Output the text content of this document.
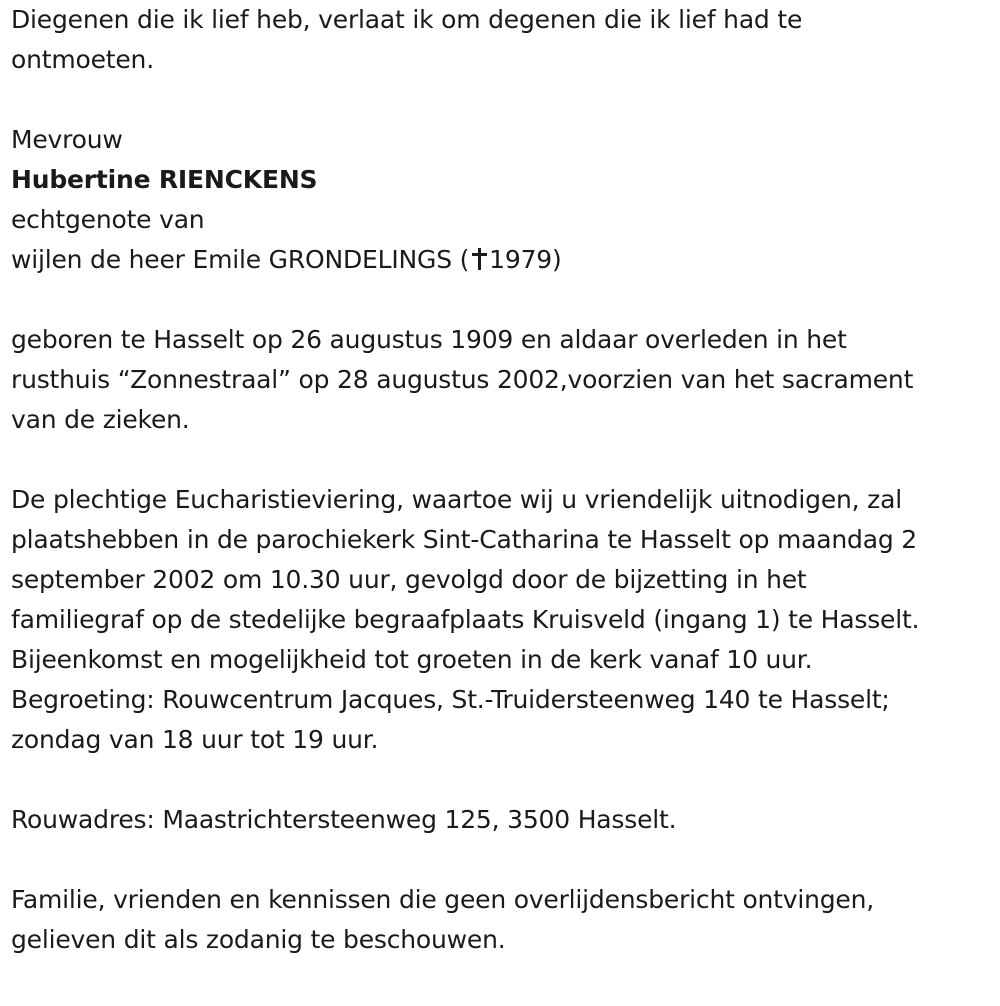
Diegenen die ik lief heb, verlaat ik om degenen die ik lief had te
ontmoeten.
Mevrouw
Hubertine RIENCKENS
echtgenote van
wijlen de heer Emile GRONDELINGS ( 1979)
geboren te Hasselt op 26 augustus 1909 en aldaar overleden in het
rusthuis “Zonnestraal” op 28 augustus 2002,voorzien van het sacrament
van de zieken.
De plechtige Eucharistieviering, waartoe wij u vriendelijk uitnodigen, zal
plaatshebben in de parochiekerk Sint-Catharina te Hasselt op maandag 2
september 2002 om 10.30 uur, gevolgd door de bijzetting in het
familiegraf op de stedelijke begraafplaats Kruisveld (ingang 1) te Hasselt.
Bijeenkomst en mogelijkheid tot groeten in de kerk vanaf 10 uur.
Begroeting: Rouwcentrum Jacques, St.-Truidersteenweg 140 te Hasselt;
zondag van 18 uur tot 19 uur.
Rouwadres: Maastrichtersteenweg 125, 3500 Hasselt.
Familie, vrienden en kennissen die geen overlijdensbericht ontvingen,
gelieven dit als zodanig te beschouwen.
